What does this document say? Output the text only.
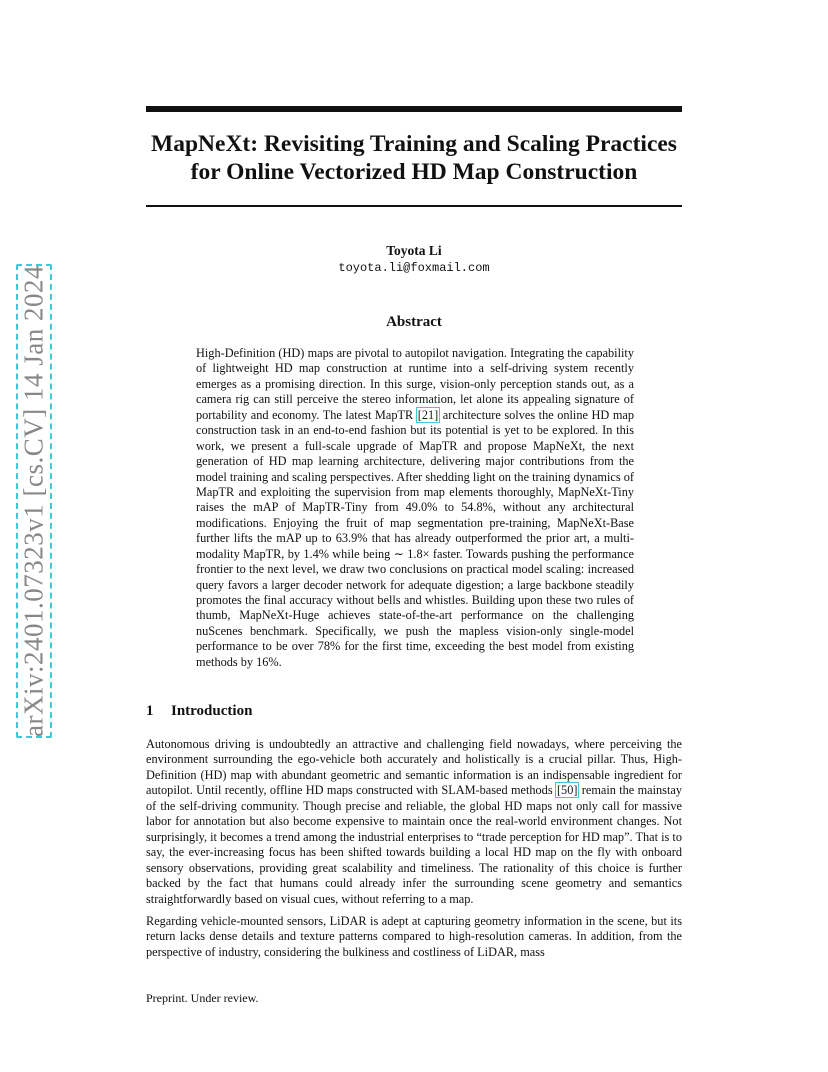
arXiv:2401.07323v1 [cs.CV] 14 Jan 2024
MapNeXt: Revisiting Training and Scaling Practices
for Online Vectorized HD Map Construction
Toyota Li
toyota.li@foxmail.com
Abstract

High-Definition (HD) maps are pivotal to autopilot navigation. Integrating the capability of lightweight HD map construction at runtime into a self-driving system recently emerges as a promising direction. In this surge, vision-only perception stands out, as a camera rig can still perceive the stereo information, let alone its appealing signature of portability and economy. The latest MapTR [21] architecture solves the online HD map construction task in an end-to-end fashion but its potential is yet to be explored. In this work, we present a full-scale upgrade of MapTR and propose MapNeXt, the next generation of HD map learning architecture, delivering major contributions from the model training and scaling perspectives. After shedding light on the training dynamics of MapTR and exploiting the supervision from map elements thoroughly, MapNeXt-Tiny raises the mAP of MapTR-Tiny from 49.0% to 54.8%, without any architectural modifications. Enjoying the fruit of map segmentation pre-training, MapNeXt-Base further lifts the mAP up to 63.9% that has already outperformed the prior art, a multi-modality MapTR, by 1.4% while being ∼ 1.8× faster. Towards pushing the performance frontier to the next level, we draw two conclusions on practical model scaling: increased query favors a larger decoder network for adequate digestion; a large backbone steadily promotes the final accuracy without bells and whistles. Building upon these two rules of thumb, MapNeXt-Huge achieves state-of-the-art performance on the challenging nuScenes benchmark. Specifically, we push the mapless vision-only single-model performance to be over 78% for the first time, exceeding the best model from existing methods by 16%.

1 Introduction

Autonomous driving is undoubtedly an attractive and challenging field nowadays, where perceiving the environment surrounding the ego-vehicle both accurately and holistically is a crucial pillar. Thus, High-Definition (HD) map with abundant geometric and semantic information is an indispensable ingredient for autopilot. Until recently, offline HD maps constructed with SLAM-based methods [50] remain the mainstay of the self-driving community. Though precise and reliable, the global HD maps not only call for massive labor for annotation but also become expensive to maintain once the real-world environment changes. Not surprisingly, it becomes a trend among the industrial enterprises to “trade perception for HD map”. That is to say, the ever-increasing focus has been shifted towards building a local HD map on the fly with onboard sensory observations, providing great scalability and timeliness. The rationality of this choice is further backed by the fact that humans could already infer the surrounding scene geometry and semantics straightforwardly based on visual cues, without referring to a map.

Regarding vehicle-mounted sensors, LiDAR is adept at capturing geometry information in the scene, but its return lacks dense details and texture patterns compared to high-resolution cameras. In addition, from the perspective of industry, considering the bulkiness and costliness of LiDAR, mass

Preprint. Under review.
